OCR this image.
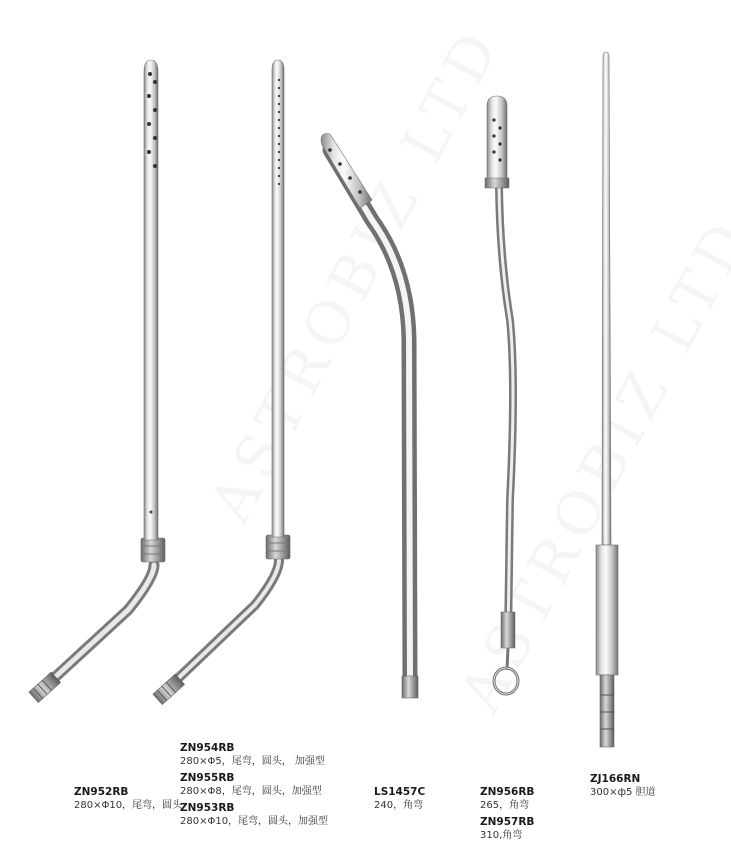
ZN952RB
280×Φ10，尾弯，圆头
ZN954RB
280×Φ5，尾弯，圆头， 加强型
ZN955RB
280×Φ8，尾弯，圆头，加强型
ZN953RB
280×Φ10，尾弯，圆头，加强型
LS1457C
240，角弯
ZN956RB
265，角弯
ZN957RB
310,角弯
ZJ166RN
300×ф5 胆道
